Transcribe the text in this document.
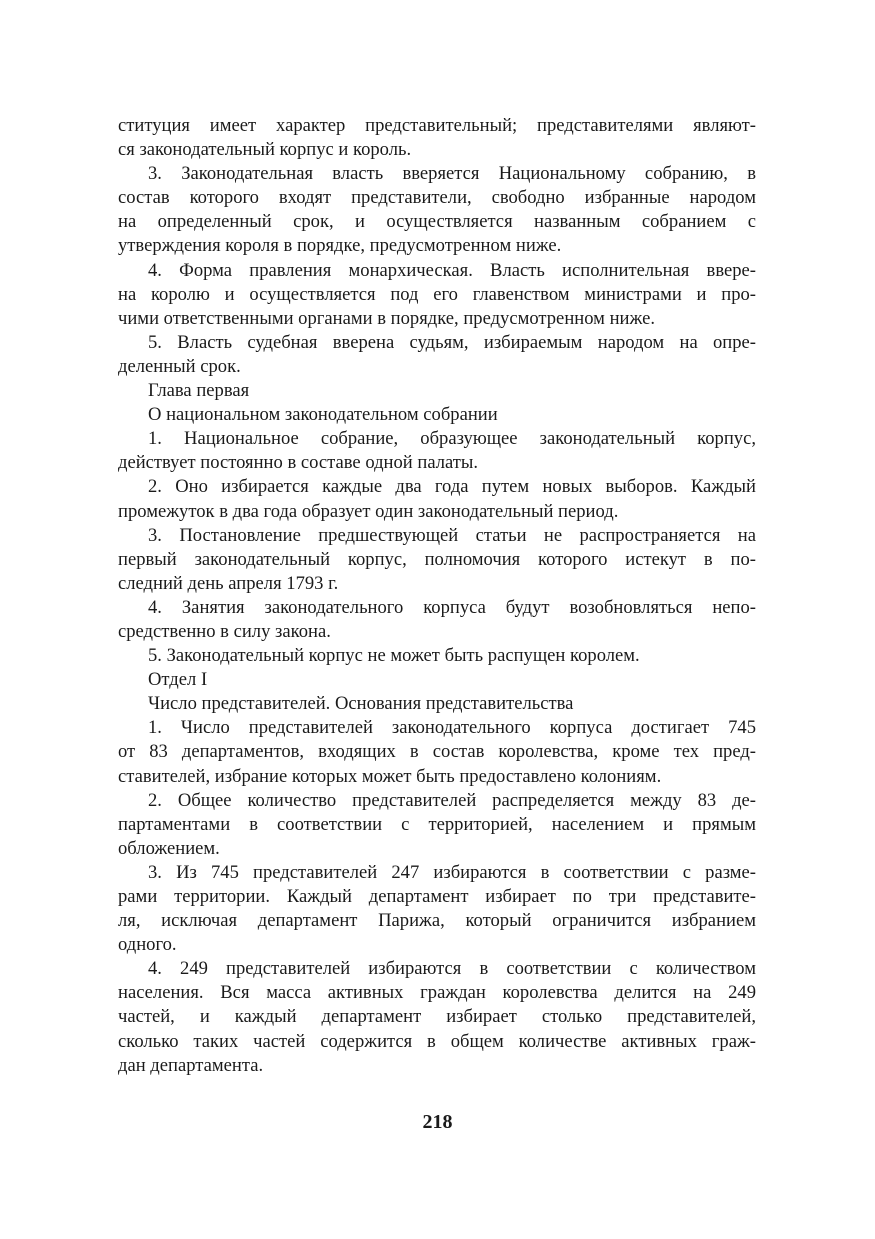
ституция имеет характер представительный; представителями являют-
ся законодательный корпус и король.
3. Законодательная власть вверяется Национальному собранию, в
состав которого входят представители, свободно избранные народом
на определенный срок, и осуществляется названным собранием с
утверждения короля в порядке, предусмотренном ниже.
4. Форма правления монархическая. Власть исполнительная ввере-
на королю и осуществляется под его главенством министрами и про-
чими ответственными органами в порядке, предусмотренном ниже.
5. Власть судебная вверена судьям, избираемым народом на опре-
деленный срок.
Глава первая
О национальном законодательном собрании
1. Национальное собрание, образующее законодательный корпус,
действует постоянно в составе одной палаты.
2. Оно избирается каждые два года путем новых выборов. Каждый
промежуток в два года образует один законодательный период.
3. Постановление предшествующей статьи не распространяется на
первый законодательный корпус, полномочия которого истекут в по-
следний день апреля 1793 г.
4. Занятия законодательного корпуса будут возобновляться непо-
средственно в силу закона.
5. Законодательный корпус не может быть распущен королем.
Отдел I
Число представителей. Основания представительства
1. Число представителей законодательного корпуса достигает 745
от 83 департаментов, входящих в состав королевства, кроме тех пред-
ставителей, избрание которых может быть предоставлено колониям.
2. Общее количество представителей распределяется между 83 де-
партаментами в соответствии с территорией, населением и прямым
обложением.
3. Из 745 представителей 247 избираются в соответствии с разме-
рами территории. Каждый департамент избирает по три представите-
ля, исключая департамент Парижа, который ограничится избранием
одного.
4. 249 представителей избираются в соответствии с количеством
населения. Вся масса активных граждан королевства делится на 249
частей, и каждый департамент избирает столько представителей,
сколько таких частей содержится в общем количестве активных граж-
дан департамента.
218
